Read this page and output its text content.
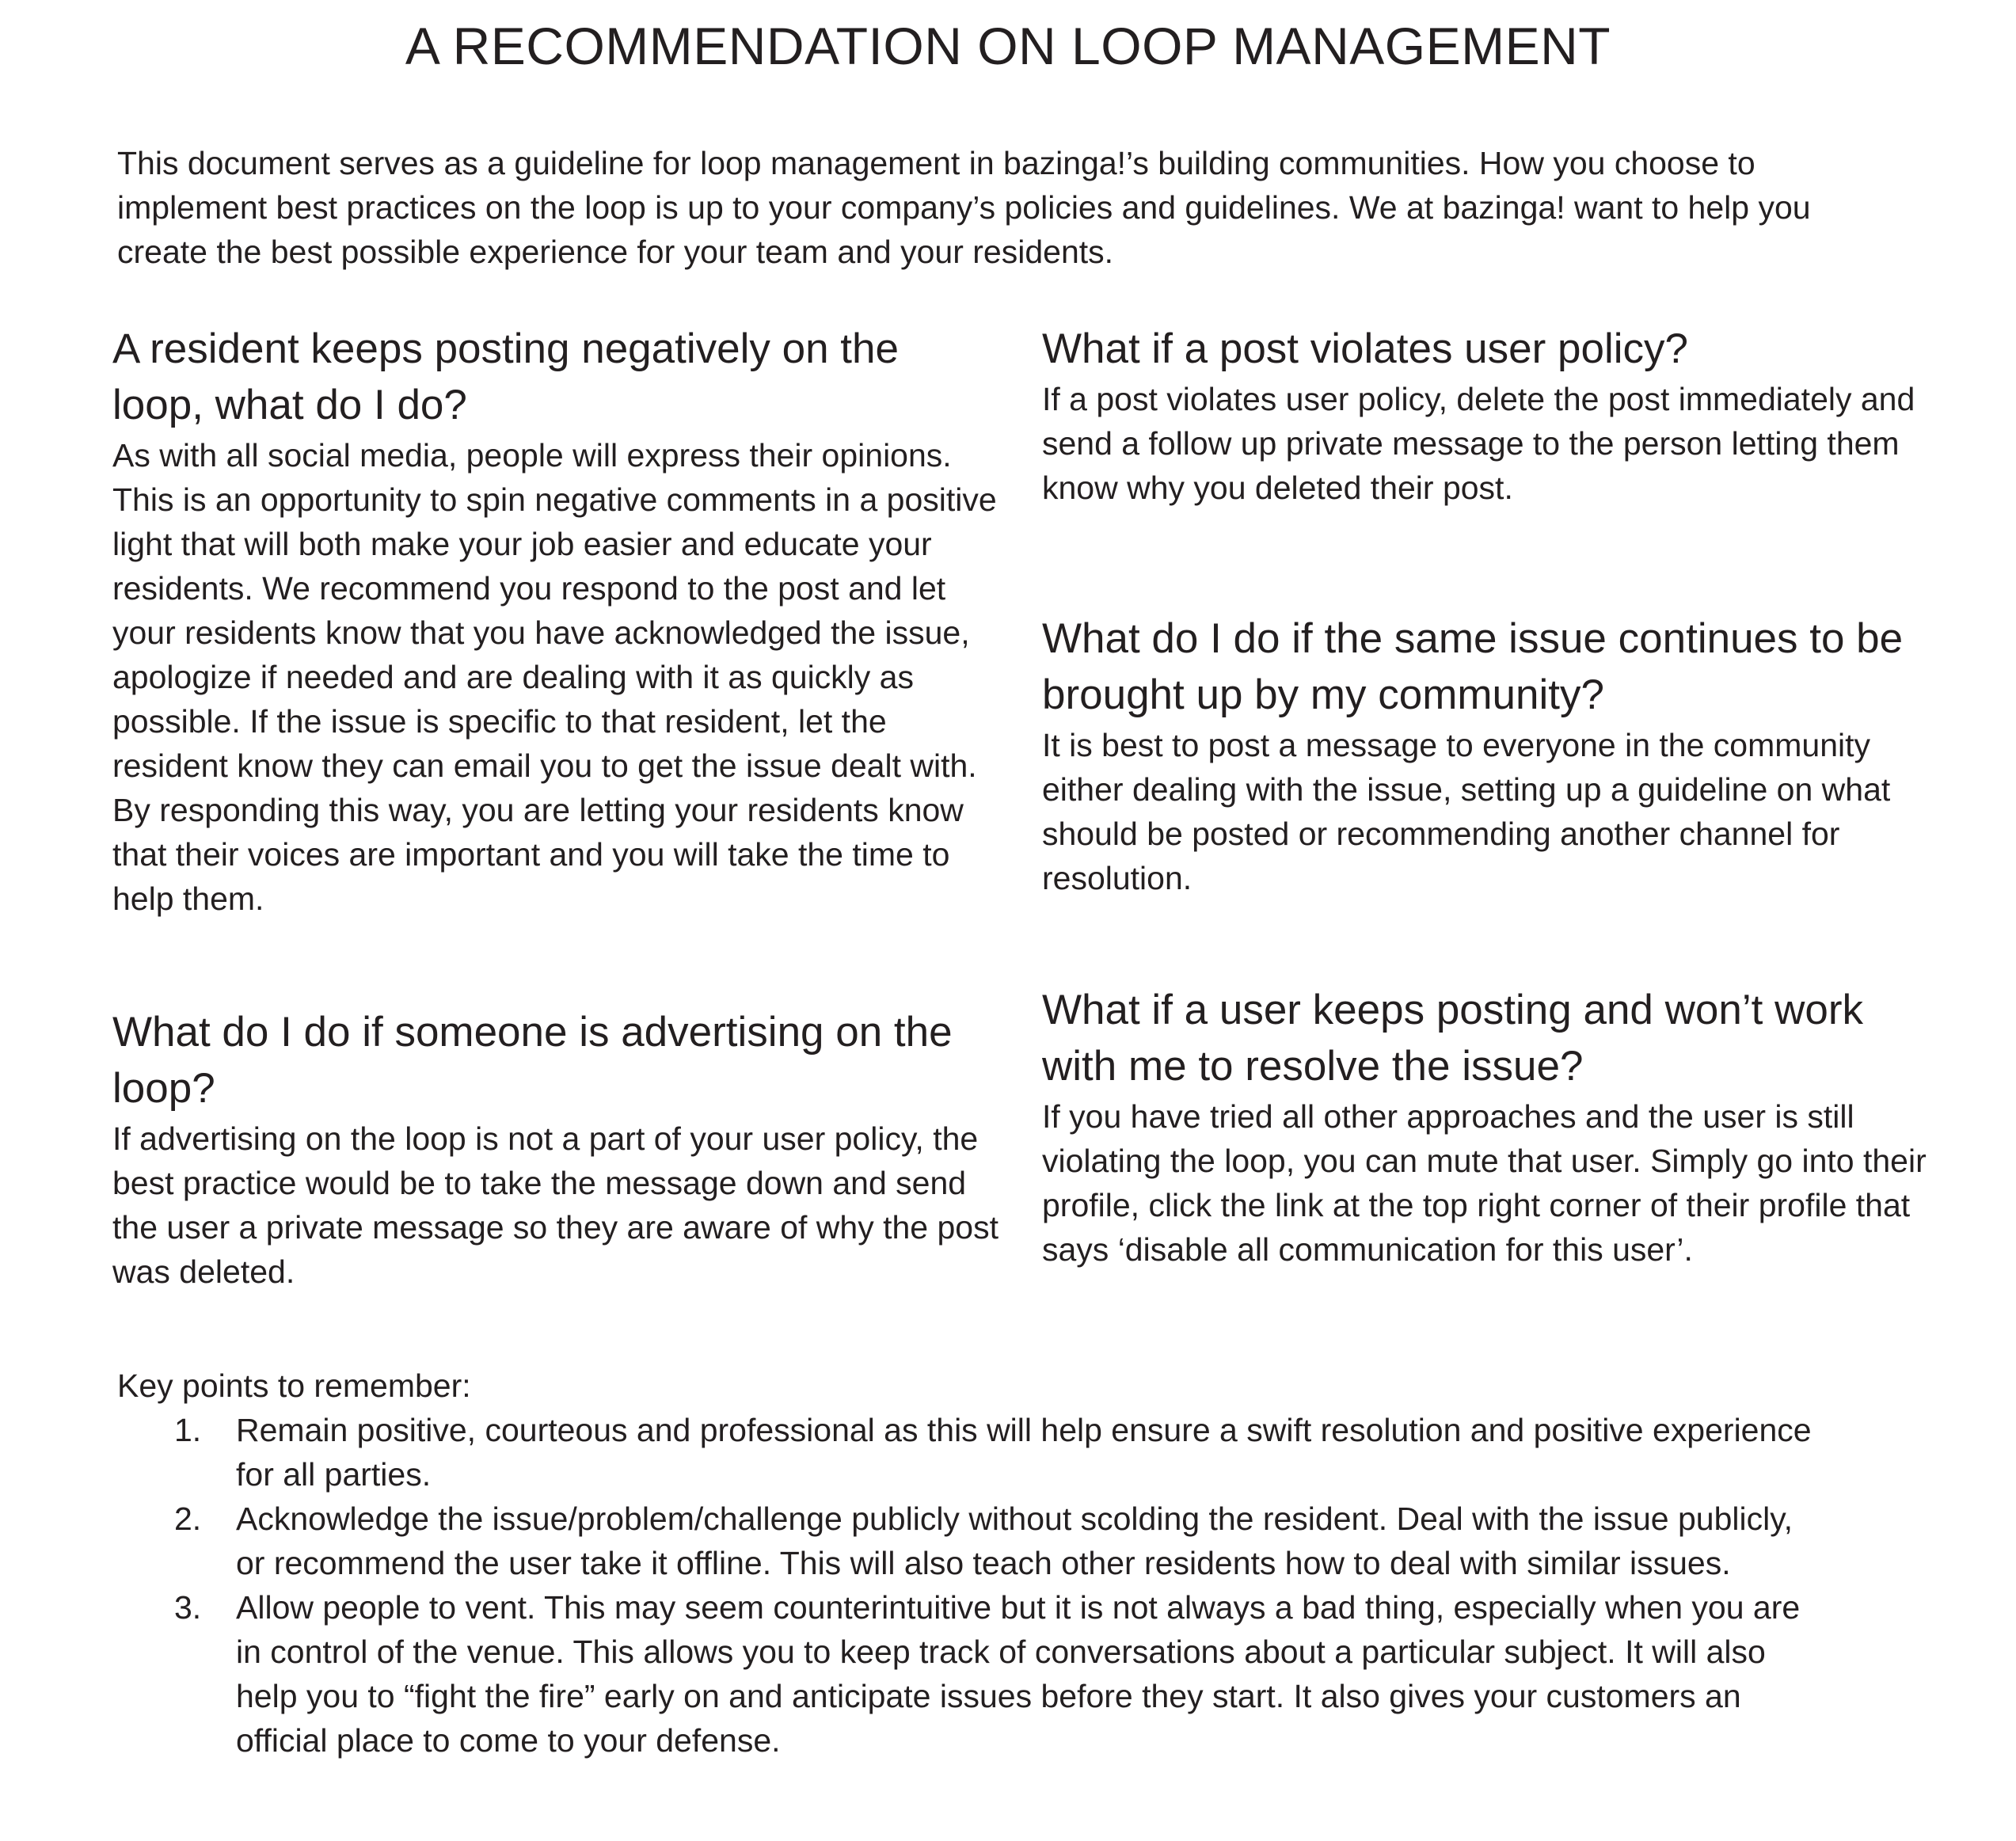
A RECOMMENDATION ON LOOP MANAGEMENT

This document serves as a guideline for loop management in bazinga!’s building communities. How you choose to implement best practices on the loop is up to your company’s policies and guidelines. We at bazinga! want to help you create the best possible experience for your team and your residents.

A resident keeps posting negatively on the loop, what do I do?

As with all social media, people will express their opinions. This is an opportunity to spin negative comments in a positive light that will both make your job easier and educate your residents. We recommend you respond to the post and let your residents know that you have acknowledged the issue, apologize if needed and are dealing with it as quickly as possible. If the issue is specific to that resident, let the resident know they can email you to get the issue dealt with. By responding this way, you are letting your residents know that their voices are important and you will take the time to help them.

What do I do if someone is advertising on the loop?

If advertising on the loop is not a part of your user policy, the best practice would be to take the message down and send the user a private message so they are aware of why the post was deleted.

What if a post violates user policy?

If a post violates user policy, delete the post immediately and send a follow up private message to the person letting them know why you deleted their post.

What do I do if the same issue continues to be brought up by my community?

It is best to post a message to everyone in the community either dealing with the issue, setting up a guideline on what should be posted or recommending another channel for resolution.

What if a user keeps posting and won’t work with me to resolve the issue?

If you have tried all other approaches and the user is still violating the loop, you can mute that user. Simply go into their profile, click the link at the top right corner of their profile that says ‘disable all communication for this user’.

Key points to remember:

1. Remain positive, courteous and professional as this will help ensure a swift resolution and positive experience for all parties.
2. Acknowledge the issue/problem/challenge publicly without scolding the resident. Deal with the issue publicly, or recommend the user take it offline. This will also teach other residents how to deal with similar issues.
3. Allow people to vent. This may seem counterintuitive but it is not always a bad thing, especially when you are in control of the venue. This allows you to keep track of conversations about a particular subject. It will also help you to “fight the fire” early on and anticipate issues before they start. It also gives your customers an official place to come to your defense.
